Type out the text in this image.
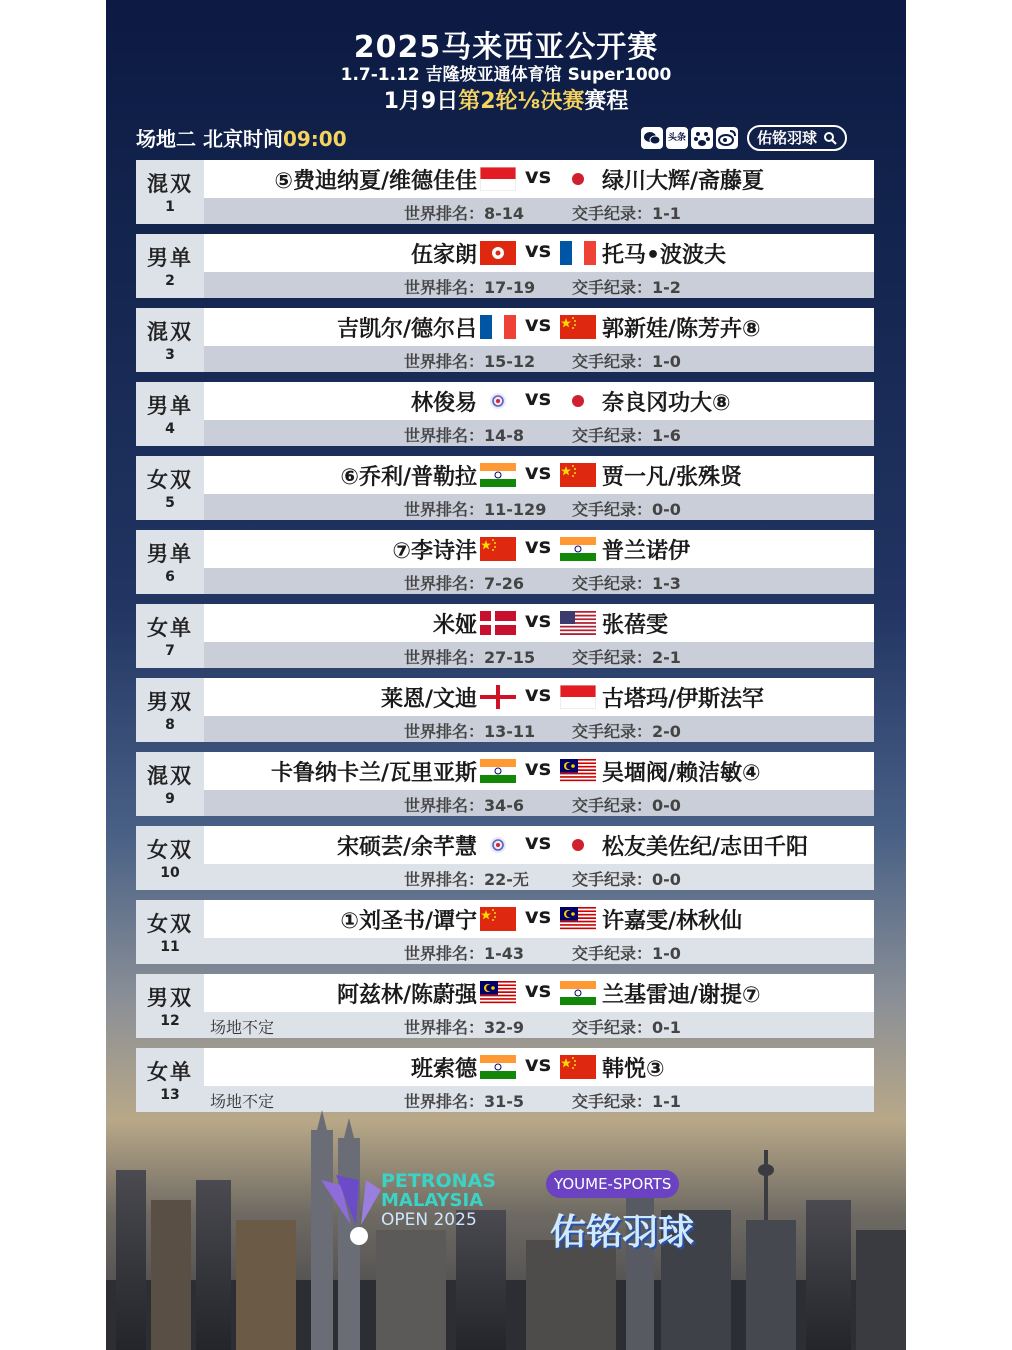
2025马来西亚公开赛
1.7-1.12 吉隆坡亚通体育馆 Super1000
1月9日第2轮⅛决赛赛程
场地二 北京时间09:00	头条	佑铭羽球
混双
1
⑤费迪纳夏/维德佳佳	vs	绿川大辉/斋藤夏
世界排名：8-14	交手纪录：1-1
男单
2
伍家朗	vs	托马•波波夫
世界排名：17-19 交手纪录：1-2
混双
3
吉凯尔/德尔吕	vs	郭新娃/陈芳卉⑧
世界排名：15-12 交手纪录：1-0
男单
4
林俊易	vs	奈良冈功大⑧
世界排名：14-8	交手纪录：1-6
女双
5
⑥乔利/普勒拉	vs	贾一凡/张殊贤
世界排名：11-129 交手纪录：0-0
男单
6
⑦李诗沣	vs	普兰诺伊
世界排名：7-26	交手纪录：1-3
女单
7
米娅	vs	张蓓雯
世界排名：27-15 交手纪录：2-1
男双
8
莱恩/文迪	vs	古塔玛/伊斯法罕
世界排名：13-11 交手纪录：2-0
混双
9
卡鲁纳卡兰/瓦里亚斯	vs	吴堌阀/赖洁敏④
世界排名：34-6	交手纪录：0-0
女双
10
宋硕芸/余芊慧	vs	松友美佐纪/志田千阳
世界排名：22-无	交手纪录：0-0
女双
11
①刘圣书/谭宁	vs	许嘉雯/林秋仙
世界排名：1-43	交手纪录：1-0
男双
12
阿兹林/陈蔚强	vs	兰基雷迪/谢提⑦
场地不定	世界排名：32-9	交手纪录：0-1
女单
13
班索德	vs	韩悦③
场地不定	世界排名：31-5	交手纪录：1-1
PETRONAS
MALAYSIA
OPEN 2025
YOUME-SPORTS
佑铭羽球
